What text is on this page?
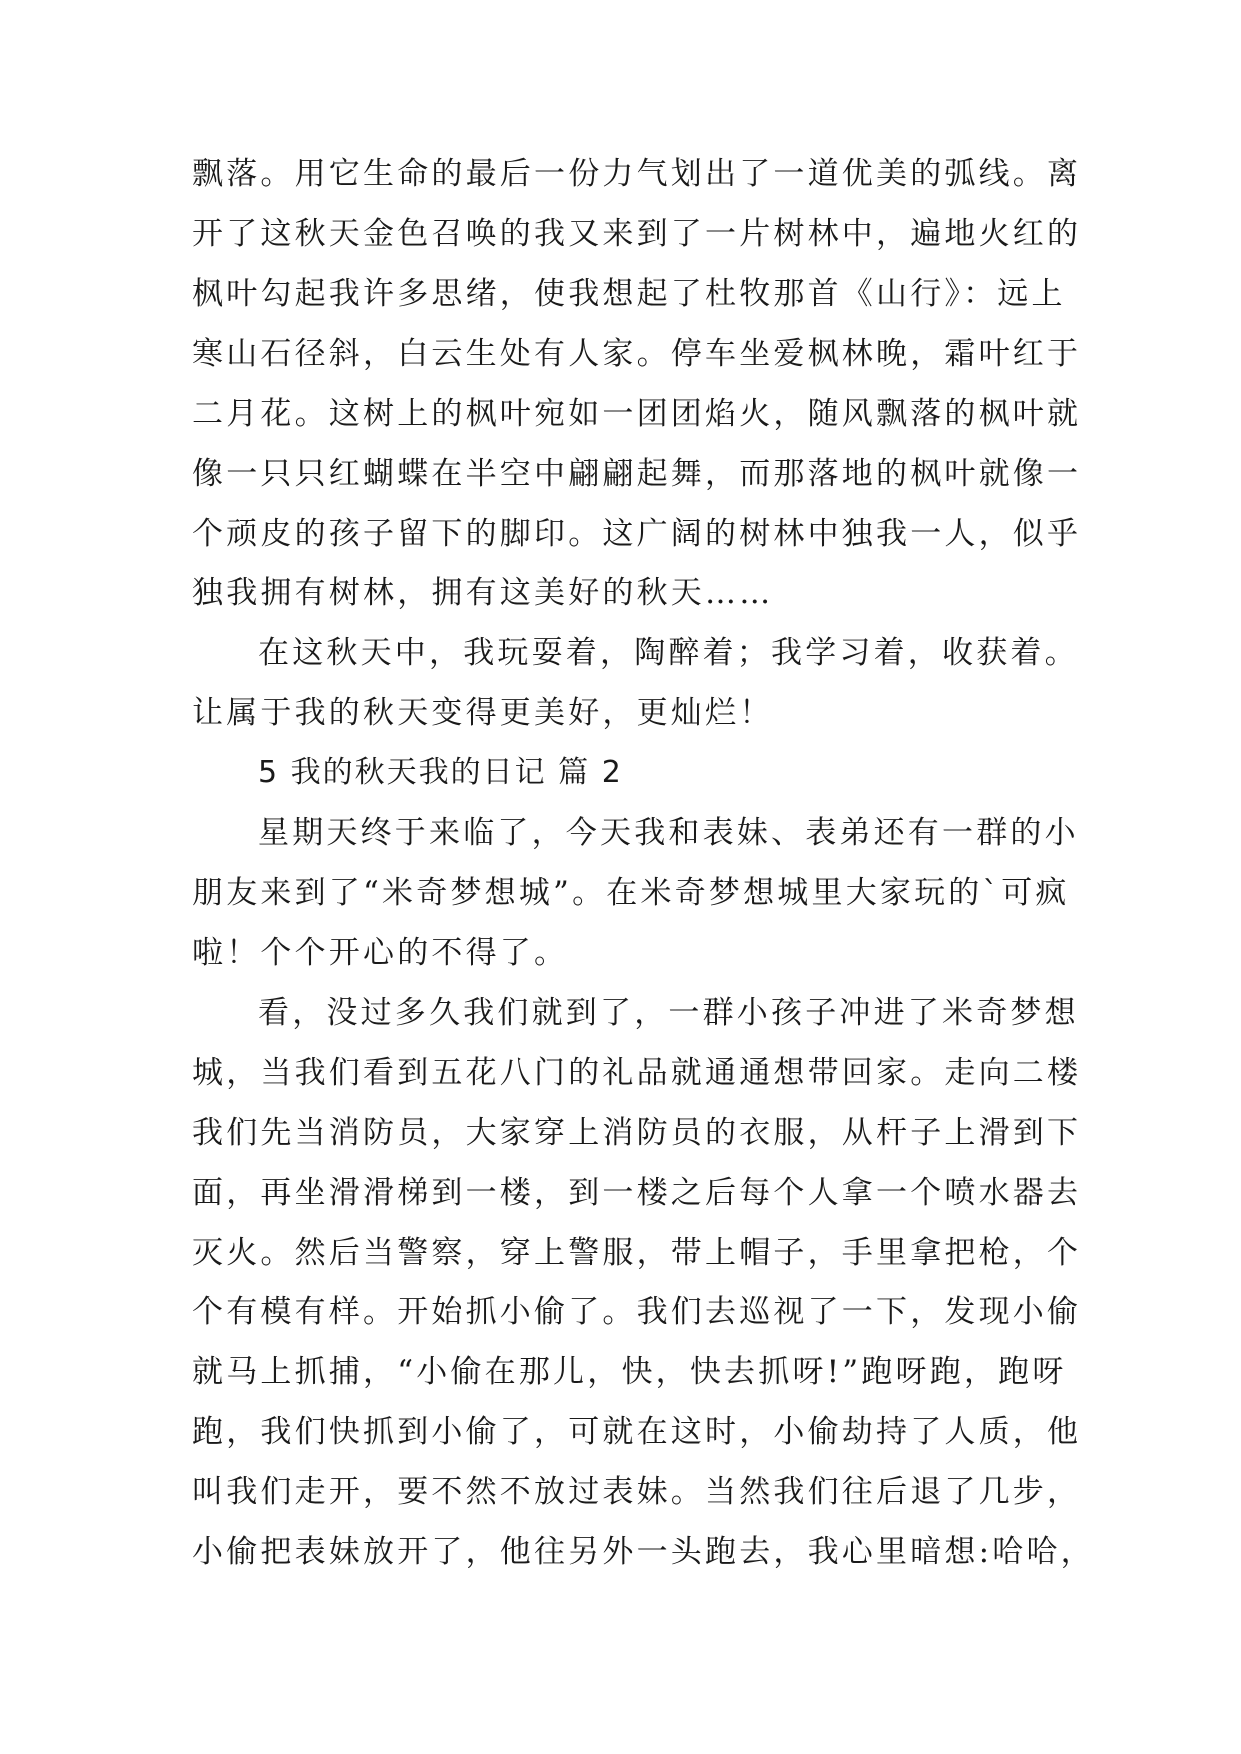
飘落。用它生命的最后一份力气划出了一道优美的弧线。离
开了这秋天金色召唤的我又来到了一片树林中，遍地火红的
枫叶勾起我许多思绪，使我想起了杜牧那首《山行》：远上
寒山石径斜，白云生处有人家。停车坐爱枫林晚，霜叶红于
二月花。这树上的枫叶宛如一团团焰火，随风飘落的枫叶就
像一只只红蝴蝶在半空中翩翩起舞，而那落地的枫叶就像一
个顽皮的孩子留下的脚印。这广阔的树林中独我一人，似乎
独我拥有树林，拥有这美好的秋天……
在这秋天中，我玩耍着，陶醉着；我学习着，收获着。
让属于我的秋天变得更美好，更灿烂！
5 我的秋天我的日记 篇 2
星期天终于来临了，今天我和表妹、表弟还有一群的小
朋友来到了“米奇梦想城”。在米奇梦想城里大家玩的`可疯
啦！个个开心的不得了。
看，没过多久我们就到了，一群小孩子冲进了米奇梦想
城，当我们看到五花八门的礼品就通通想带回家。走向二楼
我们先当消防员，大家穿上消防员的衣服，从杆子上滑到下
面，再坐滑滑梯到一楼，到一楼之后每个人拿一个喷水器去
灭火。然后当警察，穿上警服，带上帽子，手里拿把枪，个
个有模有样。开始抓小偷了。我们去巡视了一下，发现小偷
就马上抓捕，“小偷在那儿，快，快去抓呀!”跑呀跑，跑呀
跑，我们快抓到小偷了，可就在这时，小偷劫持了人质，他
叫我们走开，要不然不放过表妹。当然我们往后退了几步，
小偷把表妹放开了，他往另外一头跑去，我心里暗想:哈哈，
